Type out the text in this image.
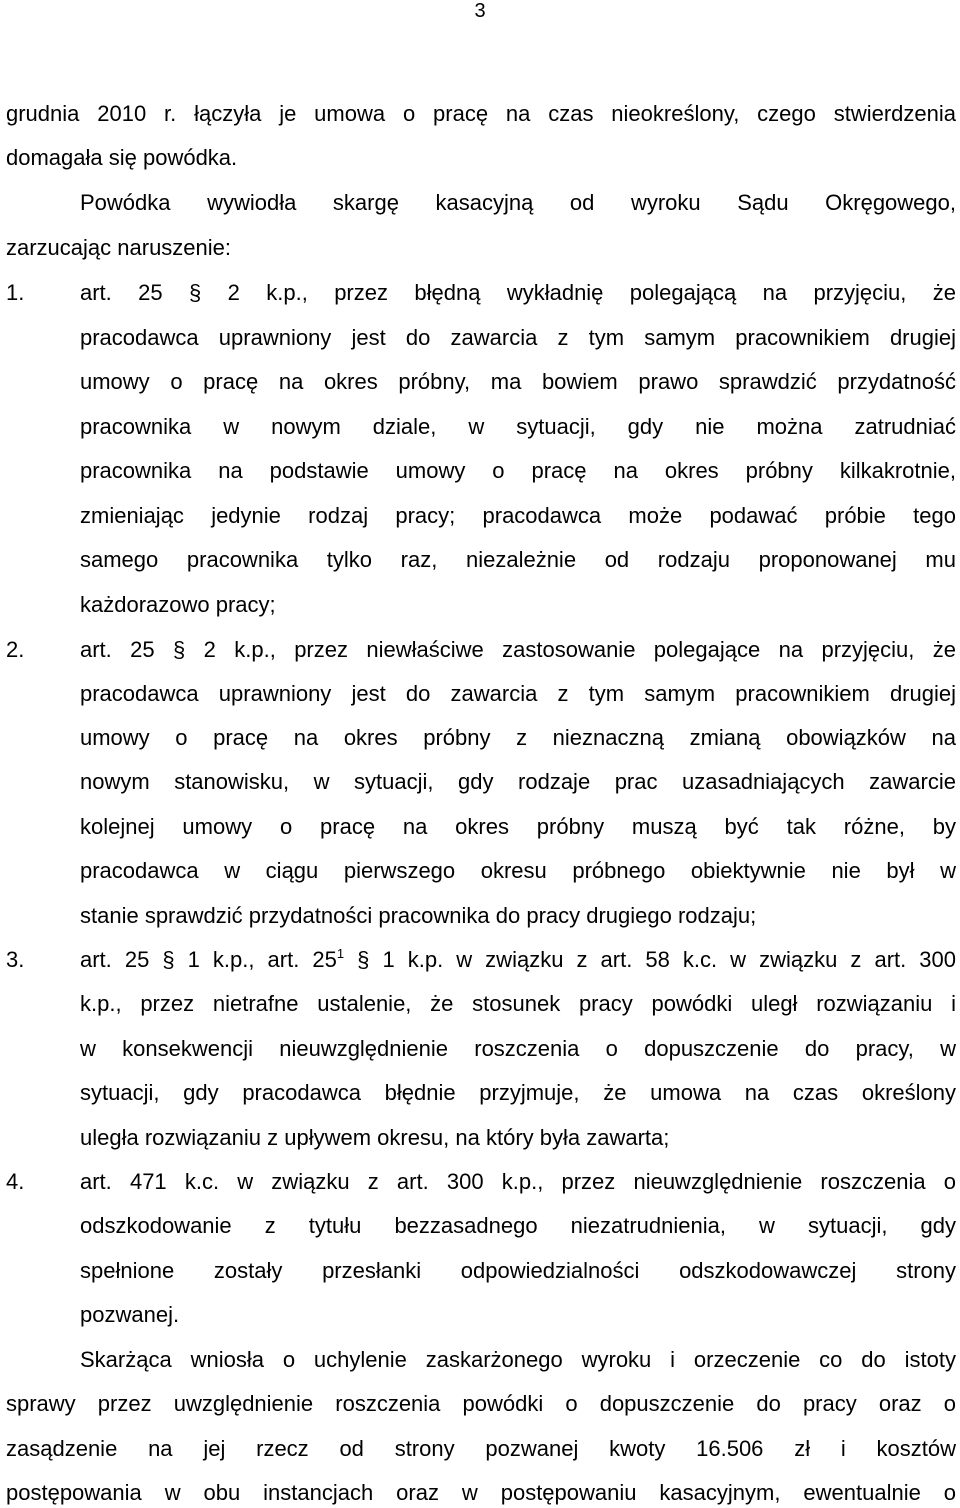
3
grudnia 2010 r. łączyła je umowa o pracę na czas nieokreślony, czego stwierdzenia
domagała się powódka.
Powódka wywiodła skargę kasacyjną od wyroku Sądu Okręgowego,
zarzucając naruszenie:
1.	art. 25 § 2 k.p., przez błędną wykładnię polegającą na przyjęciu, że
pracodawca uprawniony jest do zawarcia z tym samym pracownikiem drugiej
umowy o pracę na okres próbny, ma bowiem prawo sprawdzić przydatność
pracownika w nowym dziale, w sytuacji, gdy nie można zatrudniać
pracownika na podstawie umowy o pracę na okres próbny kilkakrotnie,
zmieniając jedynie rodzaj pracy; pracodawca może podawać próbie tego
samego pracownika tylko raz, niezależnie od rodzaju proponowanej mu
każdorazowo pracy;
2.	art. 25 § 2 k.p., przez niewłaściwe zastosowanie polegające na przyjęciu, że
pracodawca uprawniony jest do zawarcia z tym samym pracownikiem drugiej
umowy o pracę na okres próbny z nieznaczną zmianą obowiązków na
nowym stanowisku, w sytuacji, gdy rodzaje prac uzasadniających zawarcie
kolejnej umowy o pracę na okres próbny muszą być tak różne, by
pracodawca w ciągu pierwszego okresu próbnego obiektywnie nie był w
stanie sprawdzić przydatności pracownika do pracy drugiego rodzaju;
3.	art. 25 § 1 k.p., art. $25^1$ § 1 k.p. w związku z art. 58 k.c. w związku z art. 300
k.p., przez nietrafne ustalenie, że stosunek pracy powódki uległ rozwiązaniu i
w konsekwencji nieuwzględnienie roszczenia o dopuszczenie do pracy, w
sytuacji, gdy pracodawca błędnie przyjmuje, że umowa na czas określony
uległa rozwiązaniu z upływem okresu, na który była zawarta;
4.	art. 471 k.c. w związku z art. 300 k.p., przez nieuwzględnienie roszczenia o
odszkodowanie z tytułu bezzasadnego niezatrudnienia, w sytuacji, gdy
spełnione zostały przesłanki odpowiedzialności odszkodowawczej strony
pozwanej.
Skarżąca wniosła o uchylenie zaskarżonego wyroku i orzeczenie co do istoty
sprawy przez uwzględnienie roszczenia powódki o dopuszczenie do pracy oraz o
zasądzenie na jej rzecz od strony pozwanej kwoty 16.506 zł i kosztów
postępowania w obu instancjach oraz w postępowaniu kasacyjnym, ewentualnie o
